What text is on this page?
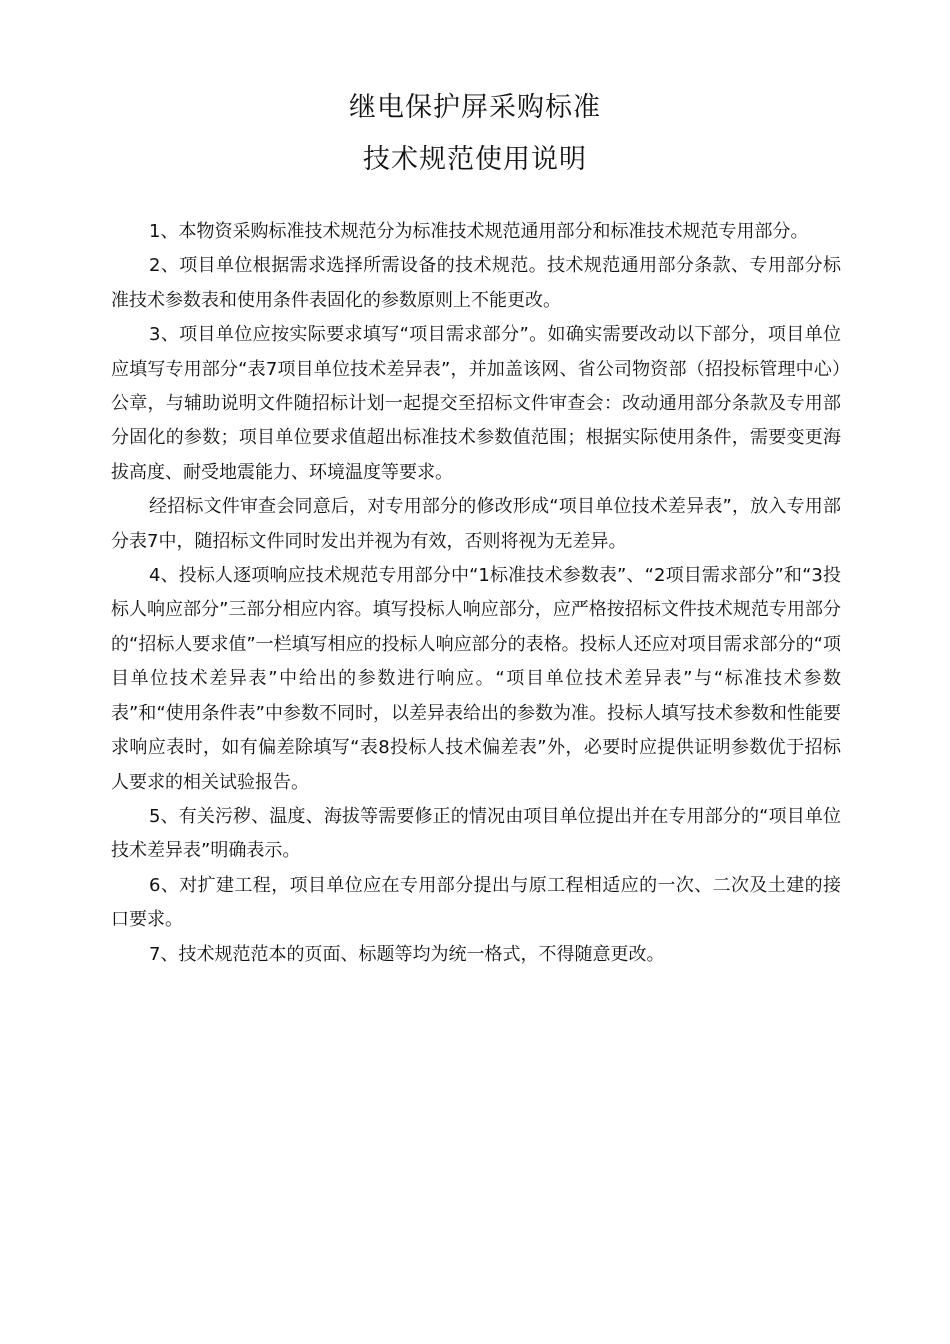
继电保护屏采购标准
技术规范使用说明

1、本物资采购标准技术规范分为标准技术规范通用部分和标准技术规范专用部分。

2、项目单位根据需求选择所需设备的技术规范。技术规范通用部分条款、专用部分标准技术参数表和使用条件表固化的参数原则上不能更改。

3、项目单位应按实际要求填写“项目需求部分”。如确实需要改动以下部分，项目单位应填写专用部分“表7项目单位技术差异表”，并加盖该网、省公司物资部（招投标管理中心）公章，与辅助说明文件随招标计划一起提交至招标文件审查会：改动通用部分条款及专用部分固化的参数；项目单位要求值超出标准技术参数值范围；根据实际使用条件，需要变更海拔高度、耐受地震能力、环境温度等要求。

经招标文件审查会同意后，对专用部分的修改形成“项目单位技术差异表”，放入专用部分表7中，随招标文件同时发出并视为有效，否则将视为无差异。

4、投标人逐项响应技术规范专用部分中“1标准技术参数表”、“2项目需求部分”和“3投标人响应部分”三部分相应内容。填写投标人响应部分，应严格按招标文件技术规范专用部分的“招标人要求值”一栏填写相应的投标人响应部分的表格。投标人还应对项目需求部分的“项目单位技术差异表”中给出的参数进行响应。“项目单位技术差异表”与“标准技术参数表”和“使用条件表”中参数不同时，以差异表给出的参数为准。投标人填写技术参数和性能要求响应表时，如有偏差除填写“表8投标人技术偏差表”外，必要时应提供证明参数优于招标人要求的相关试验报告。

5、有关污秽、温度、海拔等需要修正的情况由项目单位提出并在专用部分的“项目单位技术差异表”明确表示。

6、对扩建工程，项目单位应在专用部分提出与原工程相适应的一次、二次及土建的接口要求。

7、技术规范范本的页面、标题等均为统一格式，不得随意更改。
